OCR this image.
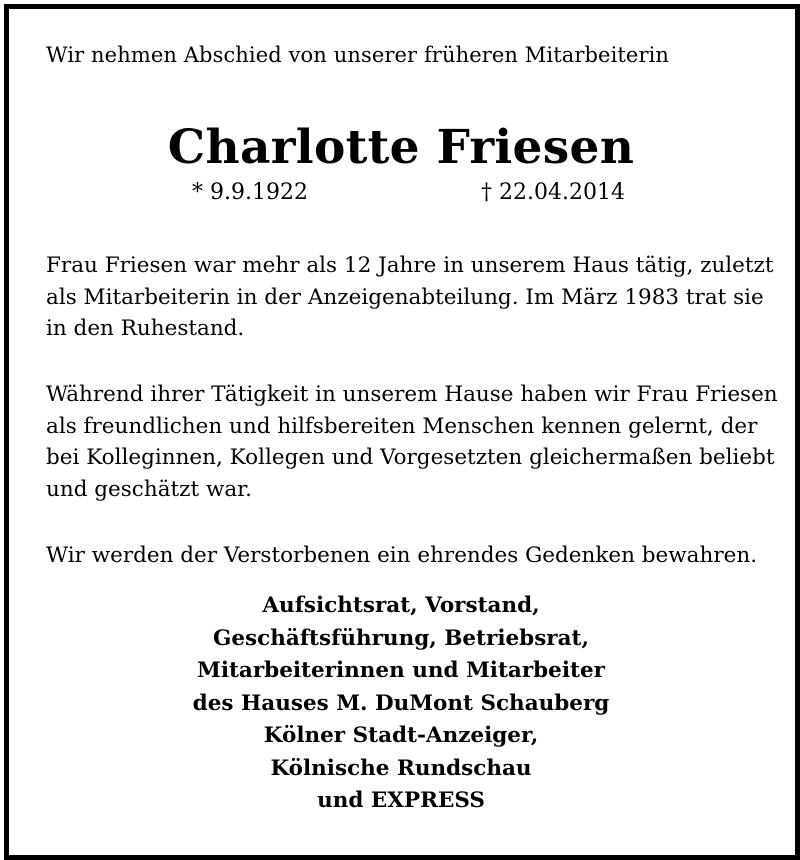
Wir nehmen Abschied von unserer früheren Mitarbeiterin
Charlotte Friesen
* 9.9.1922	† 22.04.2014
Frau Friesen war mehr als 12 Jahre in unserem Haus tätig, zuletzt
als Mitarbeiterin in der Anzeigenabteilung. Im März 1983 trat sie
in den Ruhestand.
Während ihrer Tätigkeit in unserem Hause haben wir Frau Friesen
als freundlichen und hilfsbereiten Menschen kennen gelernt, der
bei Kolleginnen, Kollegen und Vorgesetzten gleichermaßen beliebt
und geschätzt war.
Wir werden der Verstorbenen ein ehrendes Gedenken bewahren.
Aufsichtsrat, Vorstand,
Geschäftsführung, Betriebsrat,
Mitarbeiterinnen und Mitarbeiter
des Hauses M. DuMont Schauberg
Kölner Stadt-Anzeiger,
Kölnische Rundschau
und EXPRESS
